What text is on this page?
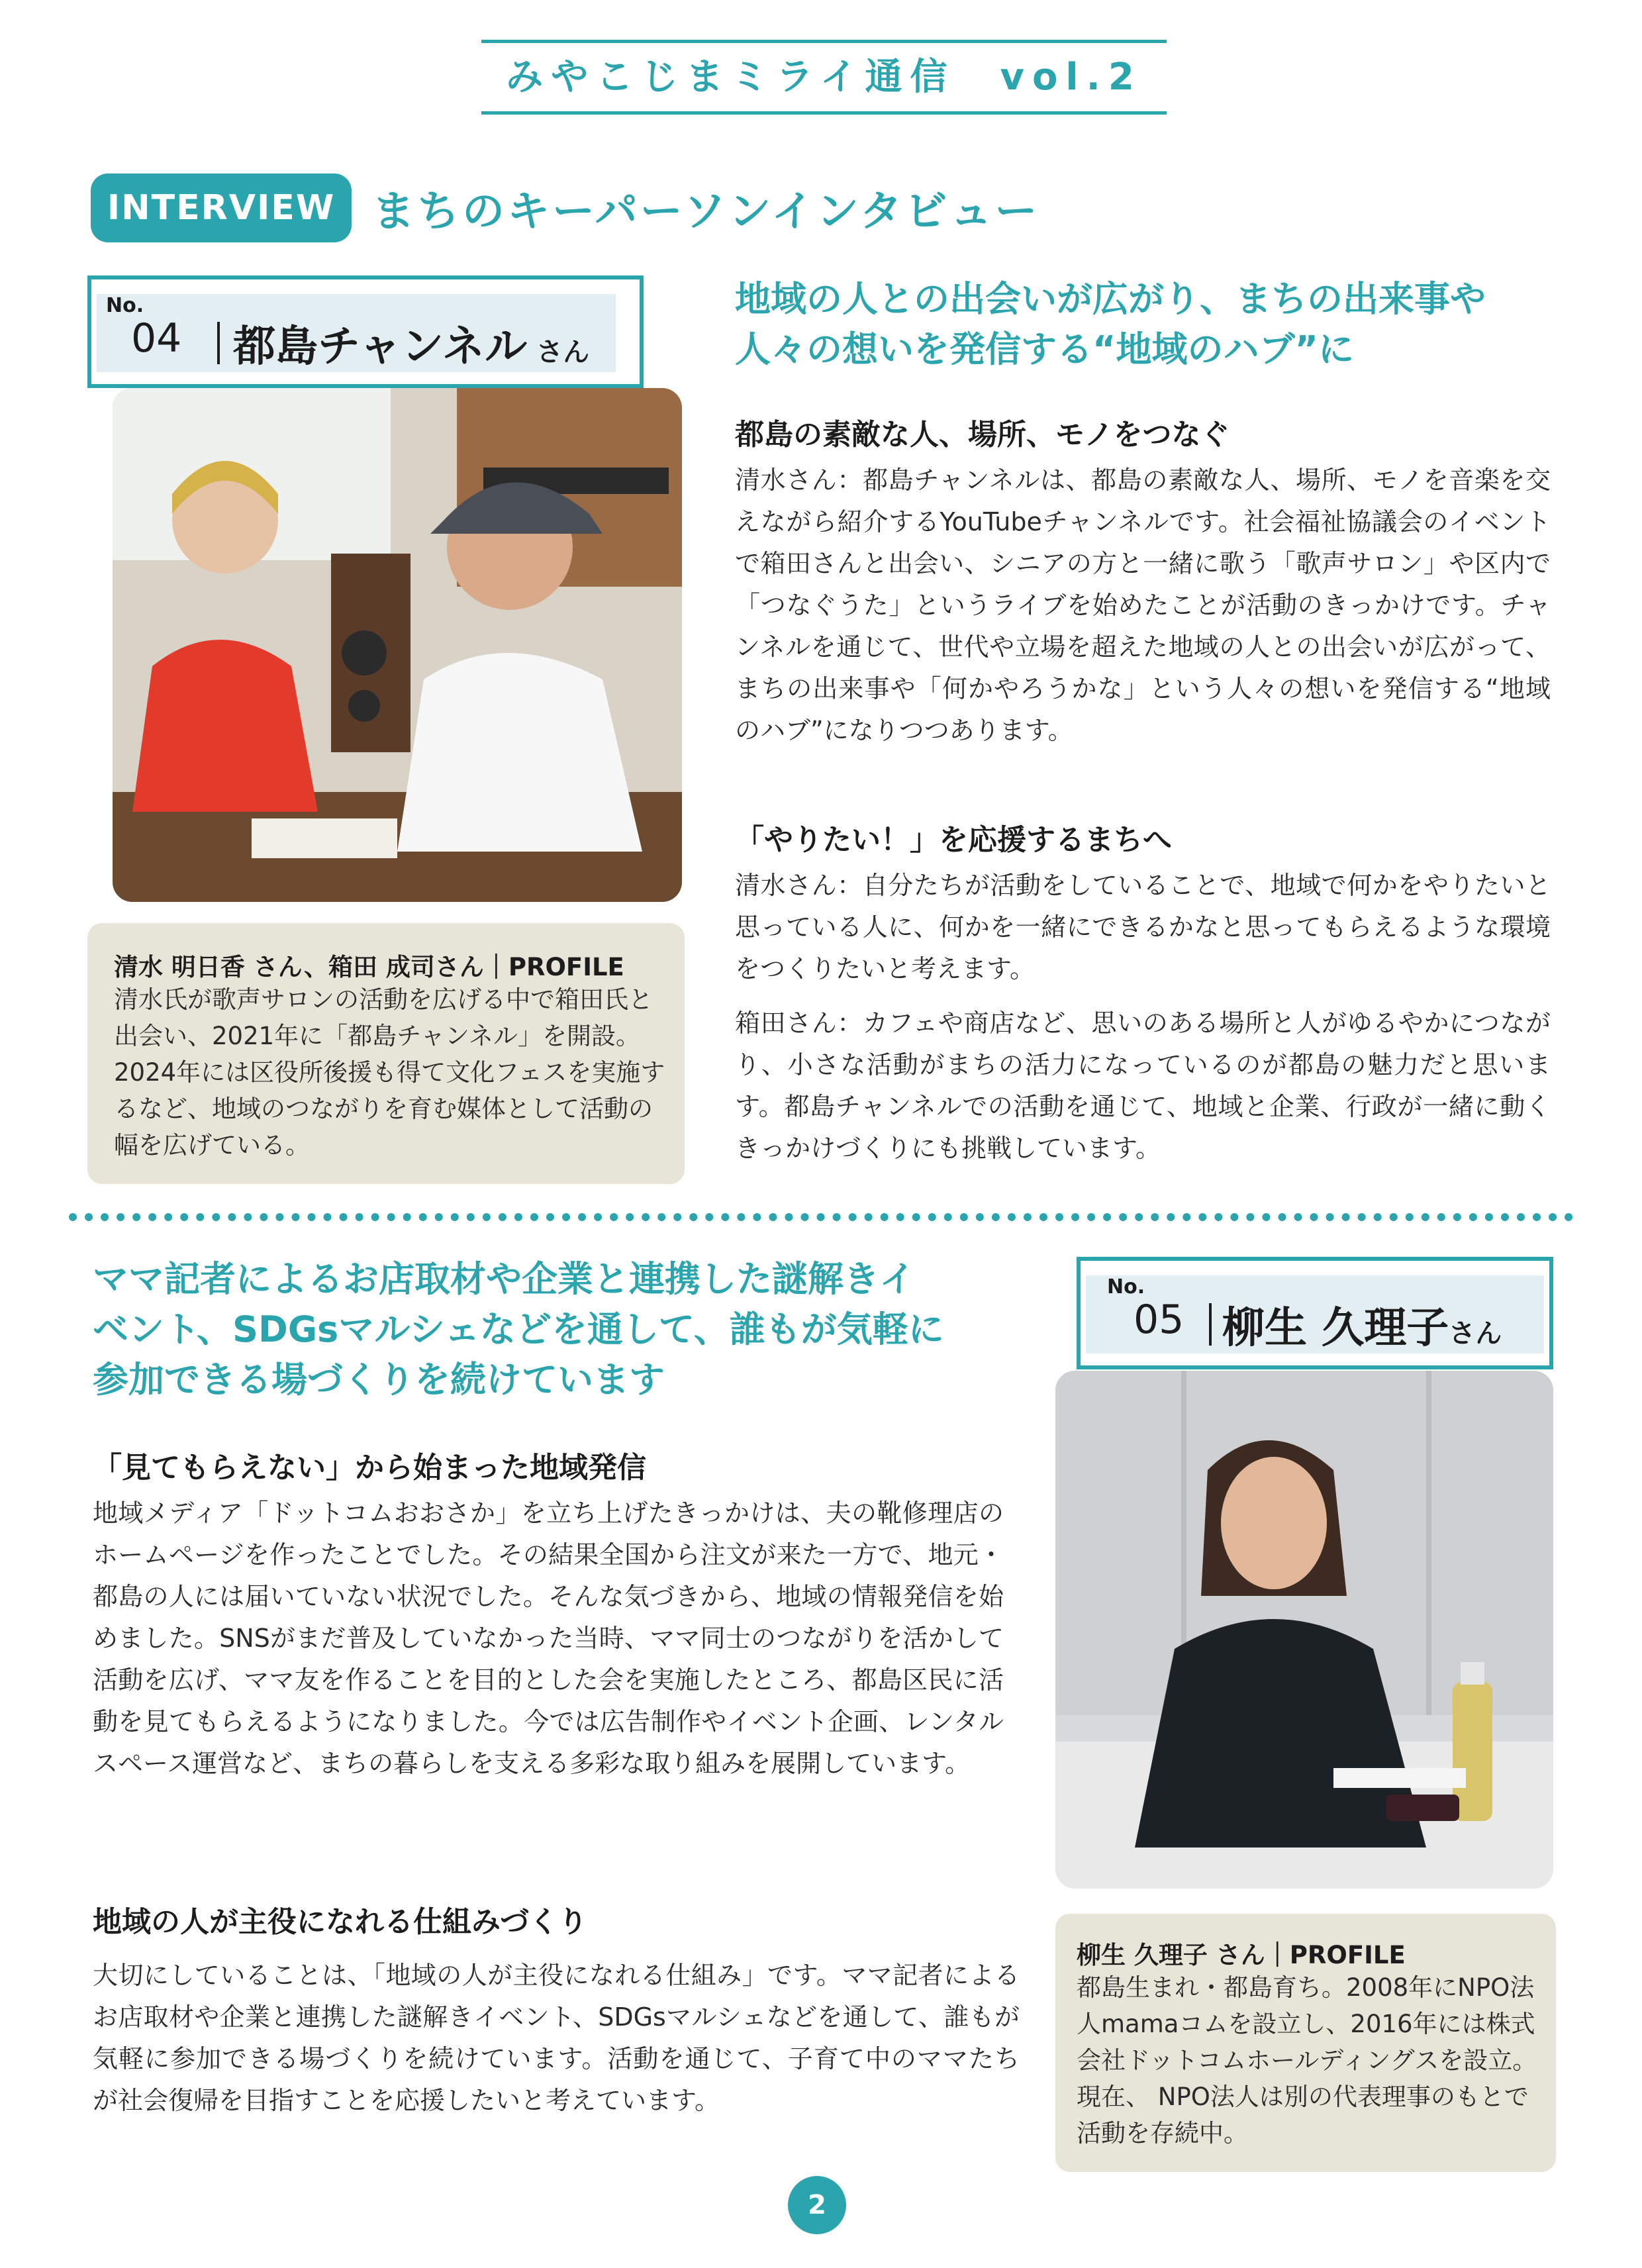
みやこじまミライ通信　vol.2
INTERVIEW まちのキーパーソンインタビュー
No.
04 都島チャンネル さん
清水 明日香 さん、箱田 成司さん｜PROFILE
清水氏が歌声サロンの活動を広げる中で箱田氏と出会い、2021年に「都島チャンネル」を開設。2024年には区役所後援も得て文化フェスを実施するなど、地域のつながりを育む媒体として活動の幅を広げている。
地域の人との出会いが広がり、まちの出来事や
人々の想いを発信する“地域のハブ”に
都島の素敵な人、場所、モノをつなぐ
清水さん：都島チャンネルは、都島の素敵な人、場所、モノを音楽を交えながら紹介するYouTubeチャンネルです。社会福祉協議会のイベントで箱田さんと出会い、シニアの方と一緒に歌う「歌声サロン」や区内で「つなぐうた」というライブを始めたことが活動のきっかけです。チャンネルを通じて、世代や立場を超えた地域の人との出会いが広がって、まちの出来事や「何かやろうかな」という人々の想いを発信する“地域のハブ”になりつつあります。
「やりたい！」を応援するまちへ
清水さん：自分たちが活動をしていることで、地域で何かをやりたいと思っている人に、何かを一緒にできるかなと思ってもらえるような環境をつくりたいと考えます。
箱田さん：カフェや商店など、思いのある場所と人がゆるやかにつながり、小さな活動がまちの活力になっているのが都島の魅力だと思います。都島チャンネルでの活動を通じて、地域と企業、行政が一緒に動くきっかけづくりにも挑戦しています。
ママ記者によるお店取材や企業と連携した謎解きイ
ベント、SDGsマルシェなどを通して、誰もが気軽に
参加できる場づくりを続けています
「見てもらえない」から始まった地域発信
地域メディア「ドットコムおおさか」を立ち上げたきっかけは、夫の靴修理店のホームページを作ったことでした。その結果全国から注文が来た一方で、地元・都島の人には届いていない状況でした。そんな気づきから、地域の情報発信を始めました。SNSがまだ普及していなかった当時、ママ同士のつながりを活かして活動を広げ、ママ友を作ることを目的とした会を実施したところ、都島区民に活動を見てもらえるようになりました。今では広告制作やイベント企画、レンタルスペース運営など、まちの暮らしを支える多彩な取り組みを展開しています。
地域の人が主役になれる仕組みづくり
大切にしていることは、「地域の人が主役になれる仕組み」です。ママ記者によるお店取材や企業と連携した謎解きイベント、SDGsマルシェなどを通して、誰もが気軽に参加できる場づくりを続けています。活動を通じて、子育て中のママたちが社会復帰を目指すことを応援したいと考えています。
No.
05 柳生 久理子さん
柳生 久理子 さん｜PROFILE
都島生まれ・都島育ち。2008年にNPO法人mamaコムを設立し、2016年には株式会社ドットコムホールディングスを設立。現在、 NPO法人は別の代表理事のもとで活動を存続中。
2
